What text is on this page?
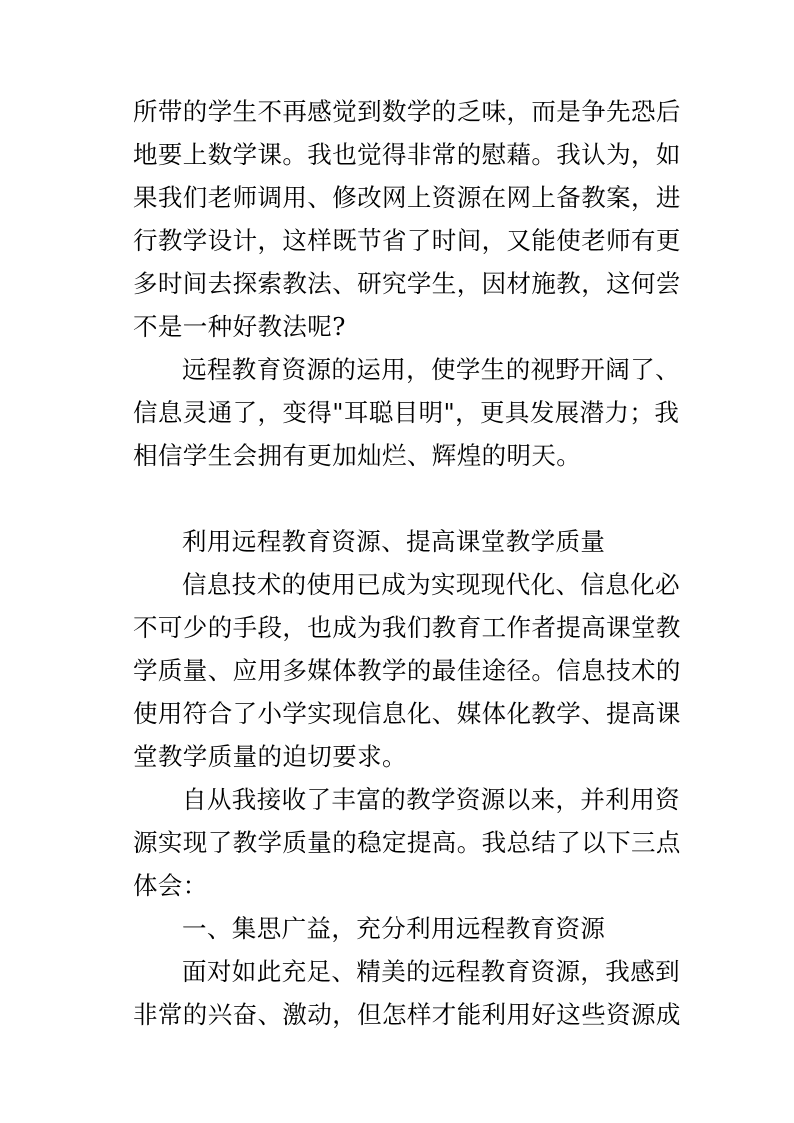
所带的学生不再感觉到数学的乏味，而是争先恐后
地要上数学课。我也觉得非常的慰藉。我认为，如
果我们老师调用、修改网上资源在网上备教案，进
行教学设计，这样既节省了时间，又能使老师有更
多时间去探索教法、研究学生，因材施教，这何尝
不是一种好教法呢?
远程教育资源的运用，使学生的视野开阔了、
信息灵通了，变得"耳聪目明"，更具发展潜力；我
相信学生会拥有更加灿烂、辉煌的明天。
利用远程教育资源、提高课堂教学质量
信息技术的使用已成为实现现代化、信息化必
不可少的手段，也成为我们教育工作者提高课堂教
学质量、应用多媒体教学的最佳途径。信息技术的
使用符合了小学实现信息化、媒体化教学、提高课
堂教学质量的迫切要求。
自从我接收了丰富的教学资源以来，并利用资
源实现了教学质量的稳定提高。我总结了以下三点
体会：
一、集思广益，充分利用远程教育资源
面对如此充足、精美的远程教育资源，我感到
非常的兴奋、激动，但怎样才能利用好这些资源成
